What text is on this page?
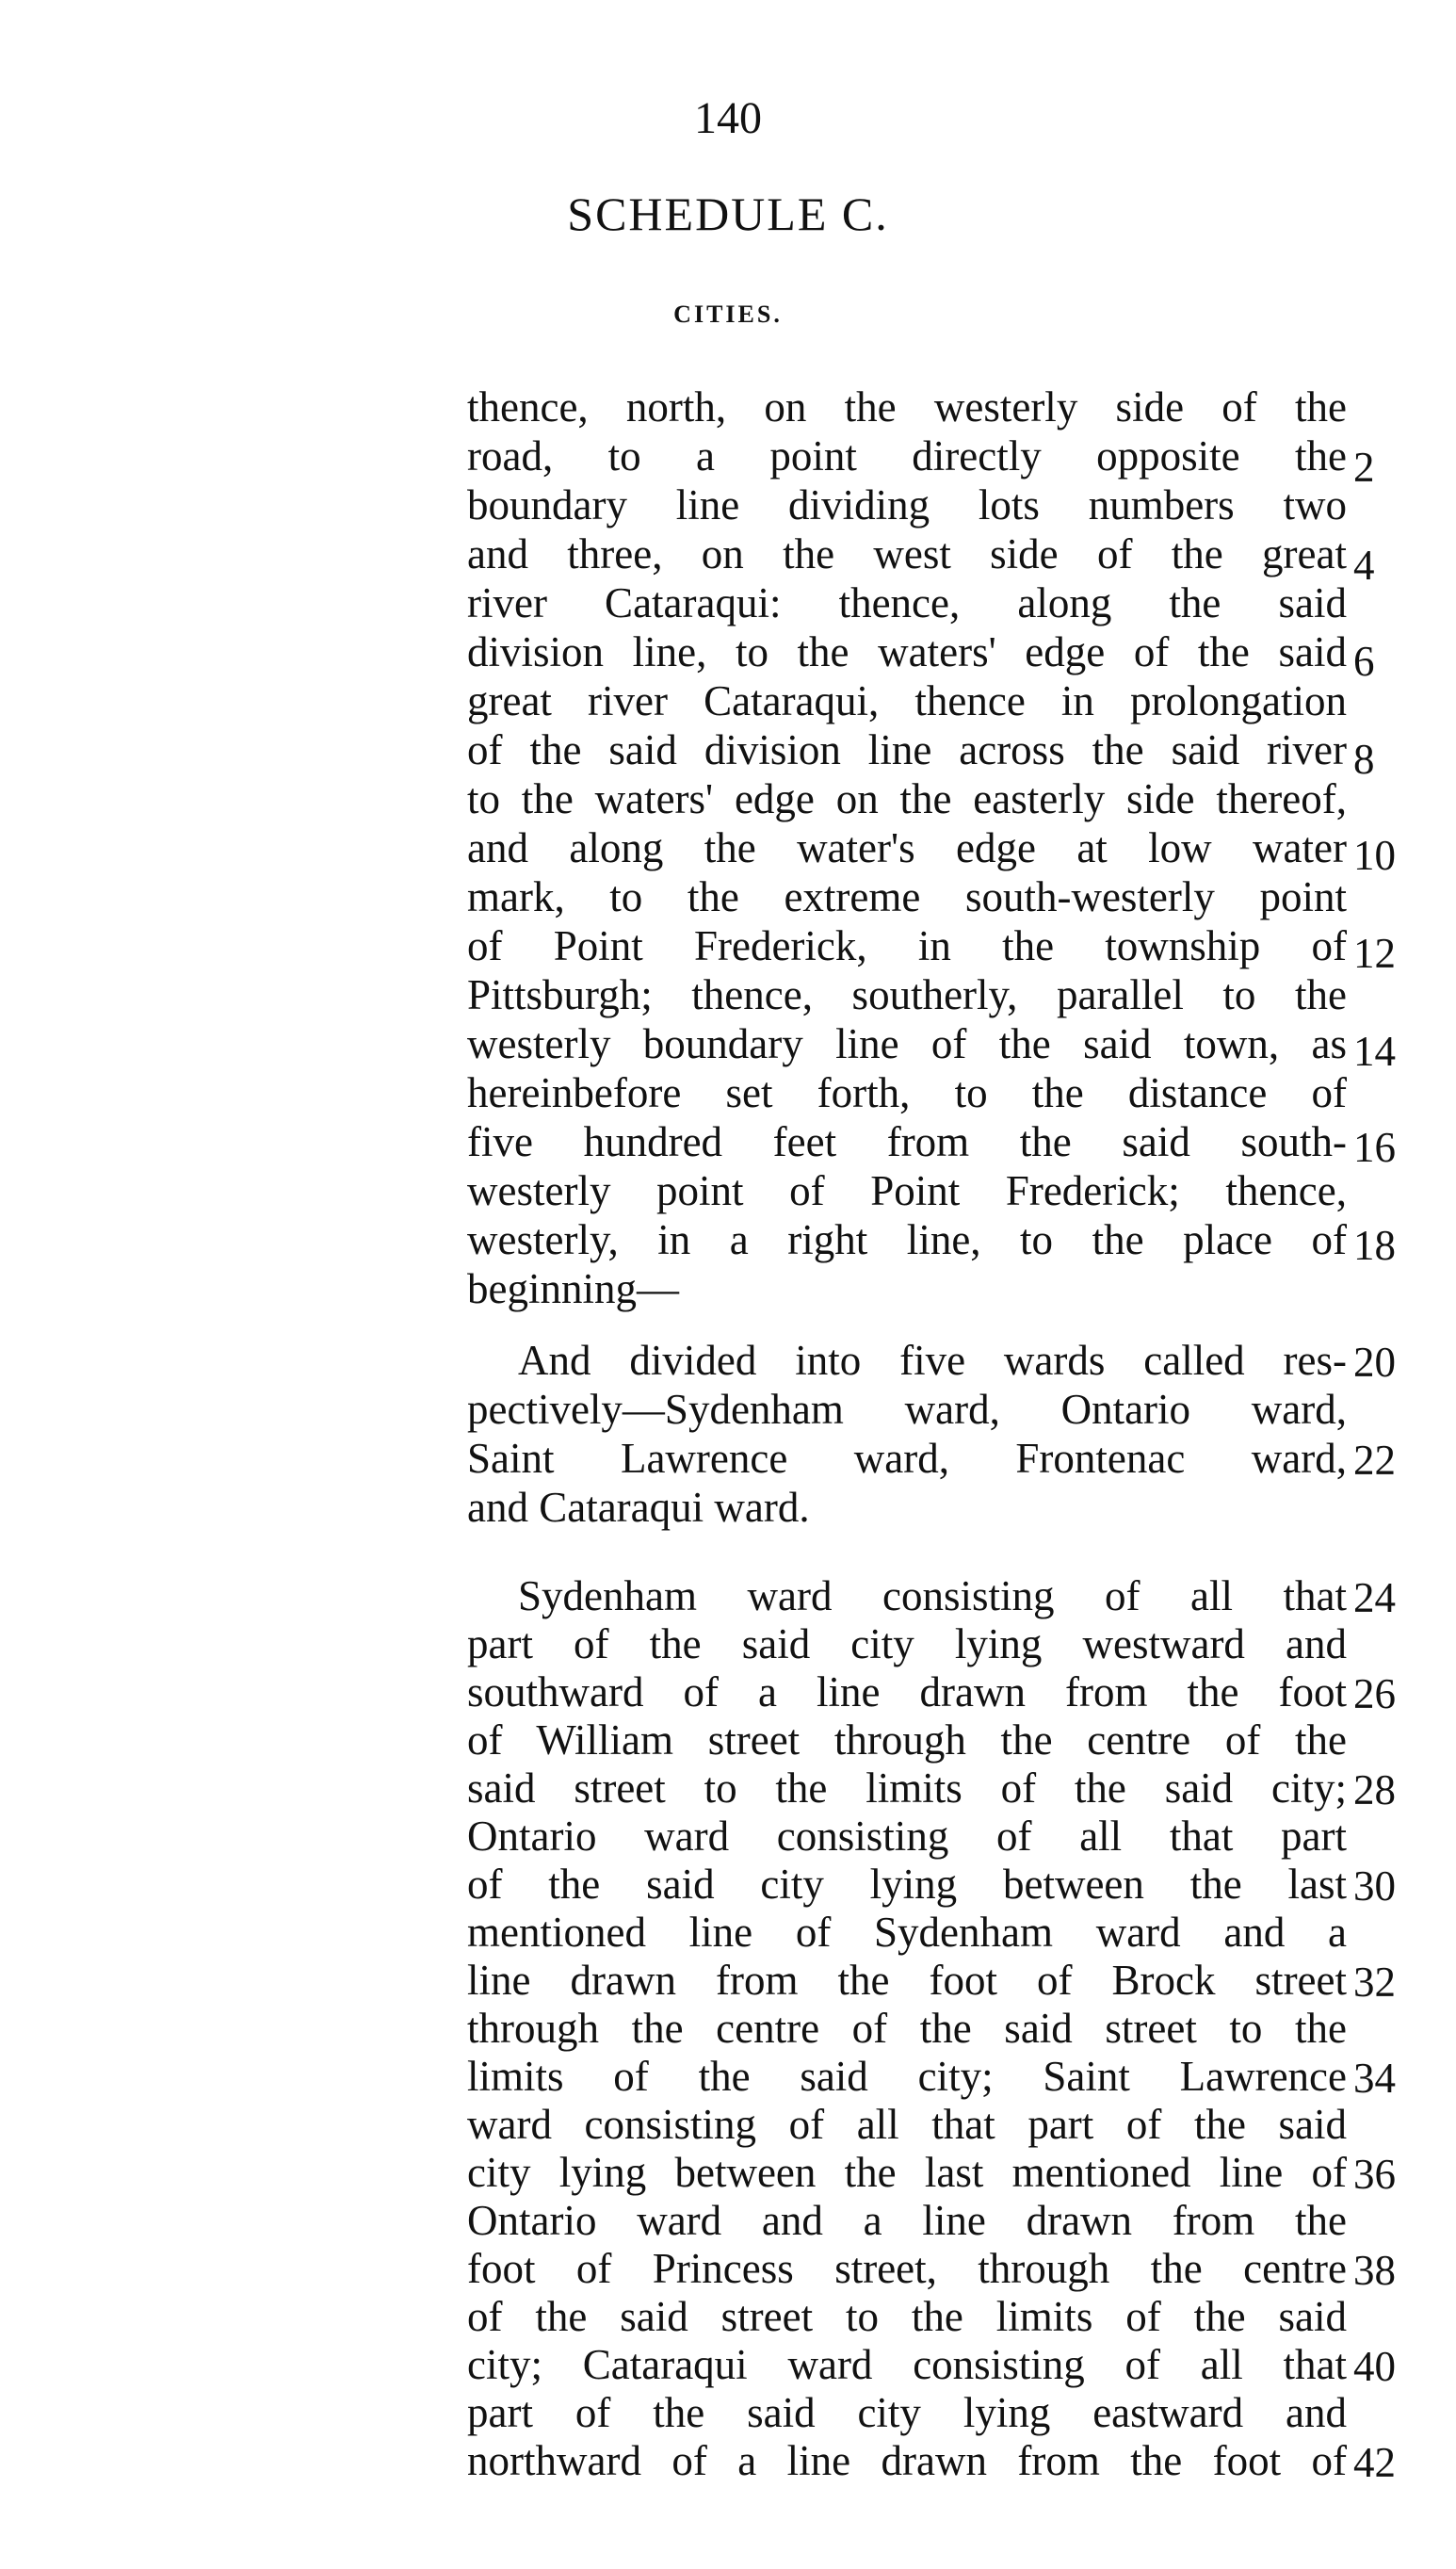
140
SCHEDULE C.
CITIES.
thence, north, on the westerly side of the
road, to a point directly opposite the
boundary line dividing lots numbers two
and three, on the west side of the great
river Cataraqui: thence, along the said
division line, to the waters' edge of the said
great river Cataraqui, thence in prolongation
of the said division line across the said river
to the waters' edge on the easterly side thereof,
and along the water's edge at low water
mark, to the extreme south-westerly point
of Point Frederick, in the township of
Pittsburgh; thence, southerly, parallel to the
westerly boundary line of the said town, as
hereinbefore set forth, to the distance of
five hundred feet from the said south-
westerly point of Point Frederick; thence,
westerly, in a right line, to the place of
beginning—
And divided into five wards called res-
pectively—Sydenham ward, Ontario ward,
Saint Lawrence ward, Frontenac ward,
and Cataraqui ward.
Sydenham ward consisting of all that
part of the said city lying westward and
southward of a line drawn from the foot
of William street through the centre of the
said street to the limits of the said city;
Ontario ward consisting of all that part
of the said city lying between the last
mentioned line of Sydenham ward and a
line drawn from the foot of Brock street
through the centre of the said street to the
limits of the said city; Saint Lawrence
ward consisting of all that part of the said
city lying between the last mentioned line of
Ontario ward and a line drawn from the
foot of Princess street, through the centre
of the said street to the limits of the said
city; Cataraqui ward consisting of all that
part of the said city lying eastward and
northward of a line drawn from the foot of
2
4
6
8
10
12
14
16
18
20
22
24
26
28
30
32
34
36
38
40
42
